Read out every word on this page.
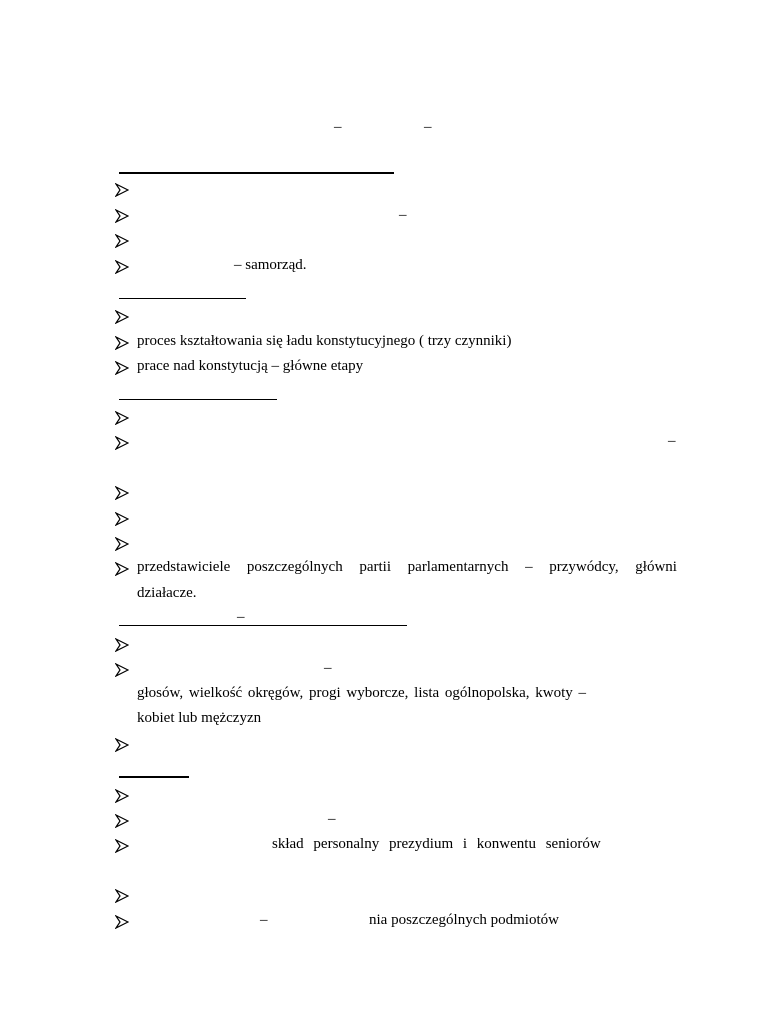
–	–
–
– samorząd.
proces kształtowania się ładu konstytucyjnego ( trzy czynniki)
prace nad konstytucją – główne etapy
–
przedstawiciele poszczególnych partii parlamentarnych – przywódcy, główni
działacze.
–
–
głosów, wielkość okręgów, progi wyborcze, lista ogólnopolska, kwoty –
kobiet lub mężczyzn
–
skład personalny prezydium i konwentu seniorów
–	nia poszczególnych podmiotów
